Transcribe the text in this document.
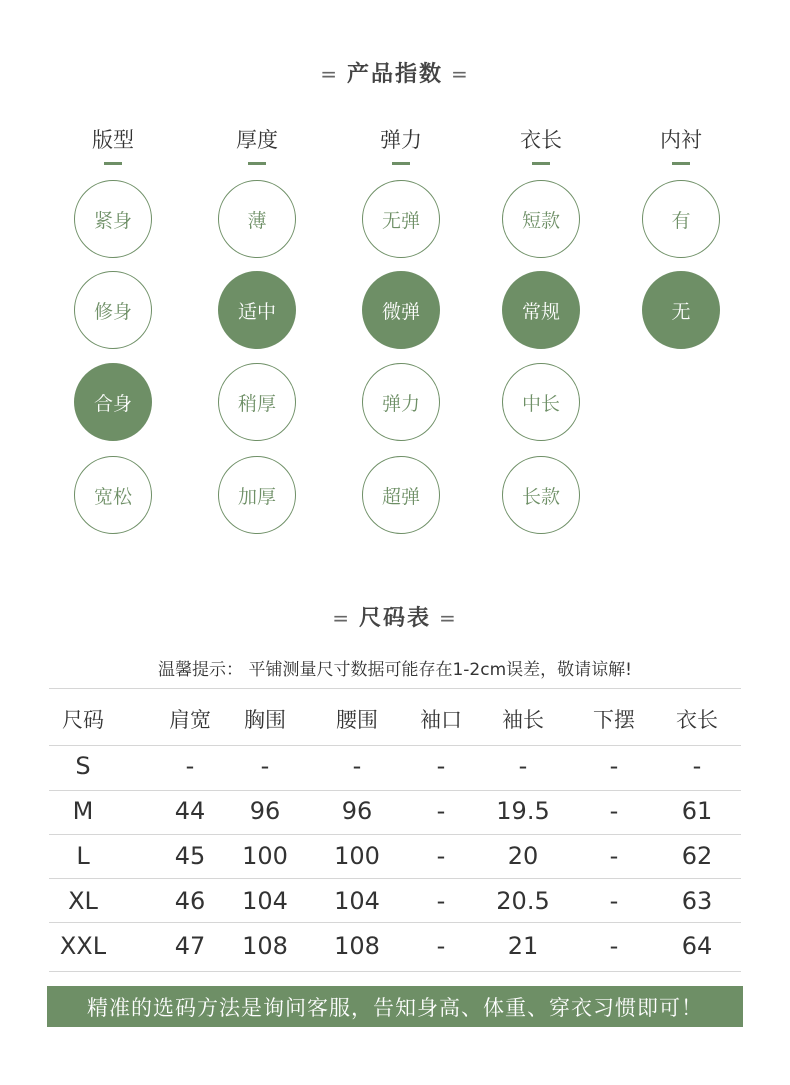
= 产品指数 =
版型	厚度	弹力	衣长	内衬
紧身
修身
合身
宽松
薄
适中
稍厚
加厚
无弹
微弹
弹力
超弹
短款
常规
中长
长款
有
无
= 尺码表 =
温馨提示： 平铺测量尺寸数据可能存在1-2cm误差，敬请谅解!
尺码	肩宽	胸围	腰围	袖口	袖长	下摆	衣长
S	-	-	-	-	-	-	-
M	44	96	96	-	19.5	-	61
L	45	100	100	-	20	-	62
XL	46	104	104	-	20.5	-	63
XXL	47	108	108	-	21	-	64
精准的选码方法是询问客服，告知身高、体重、穿衣习惯即可！
